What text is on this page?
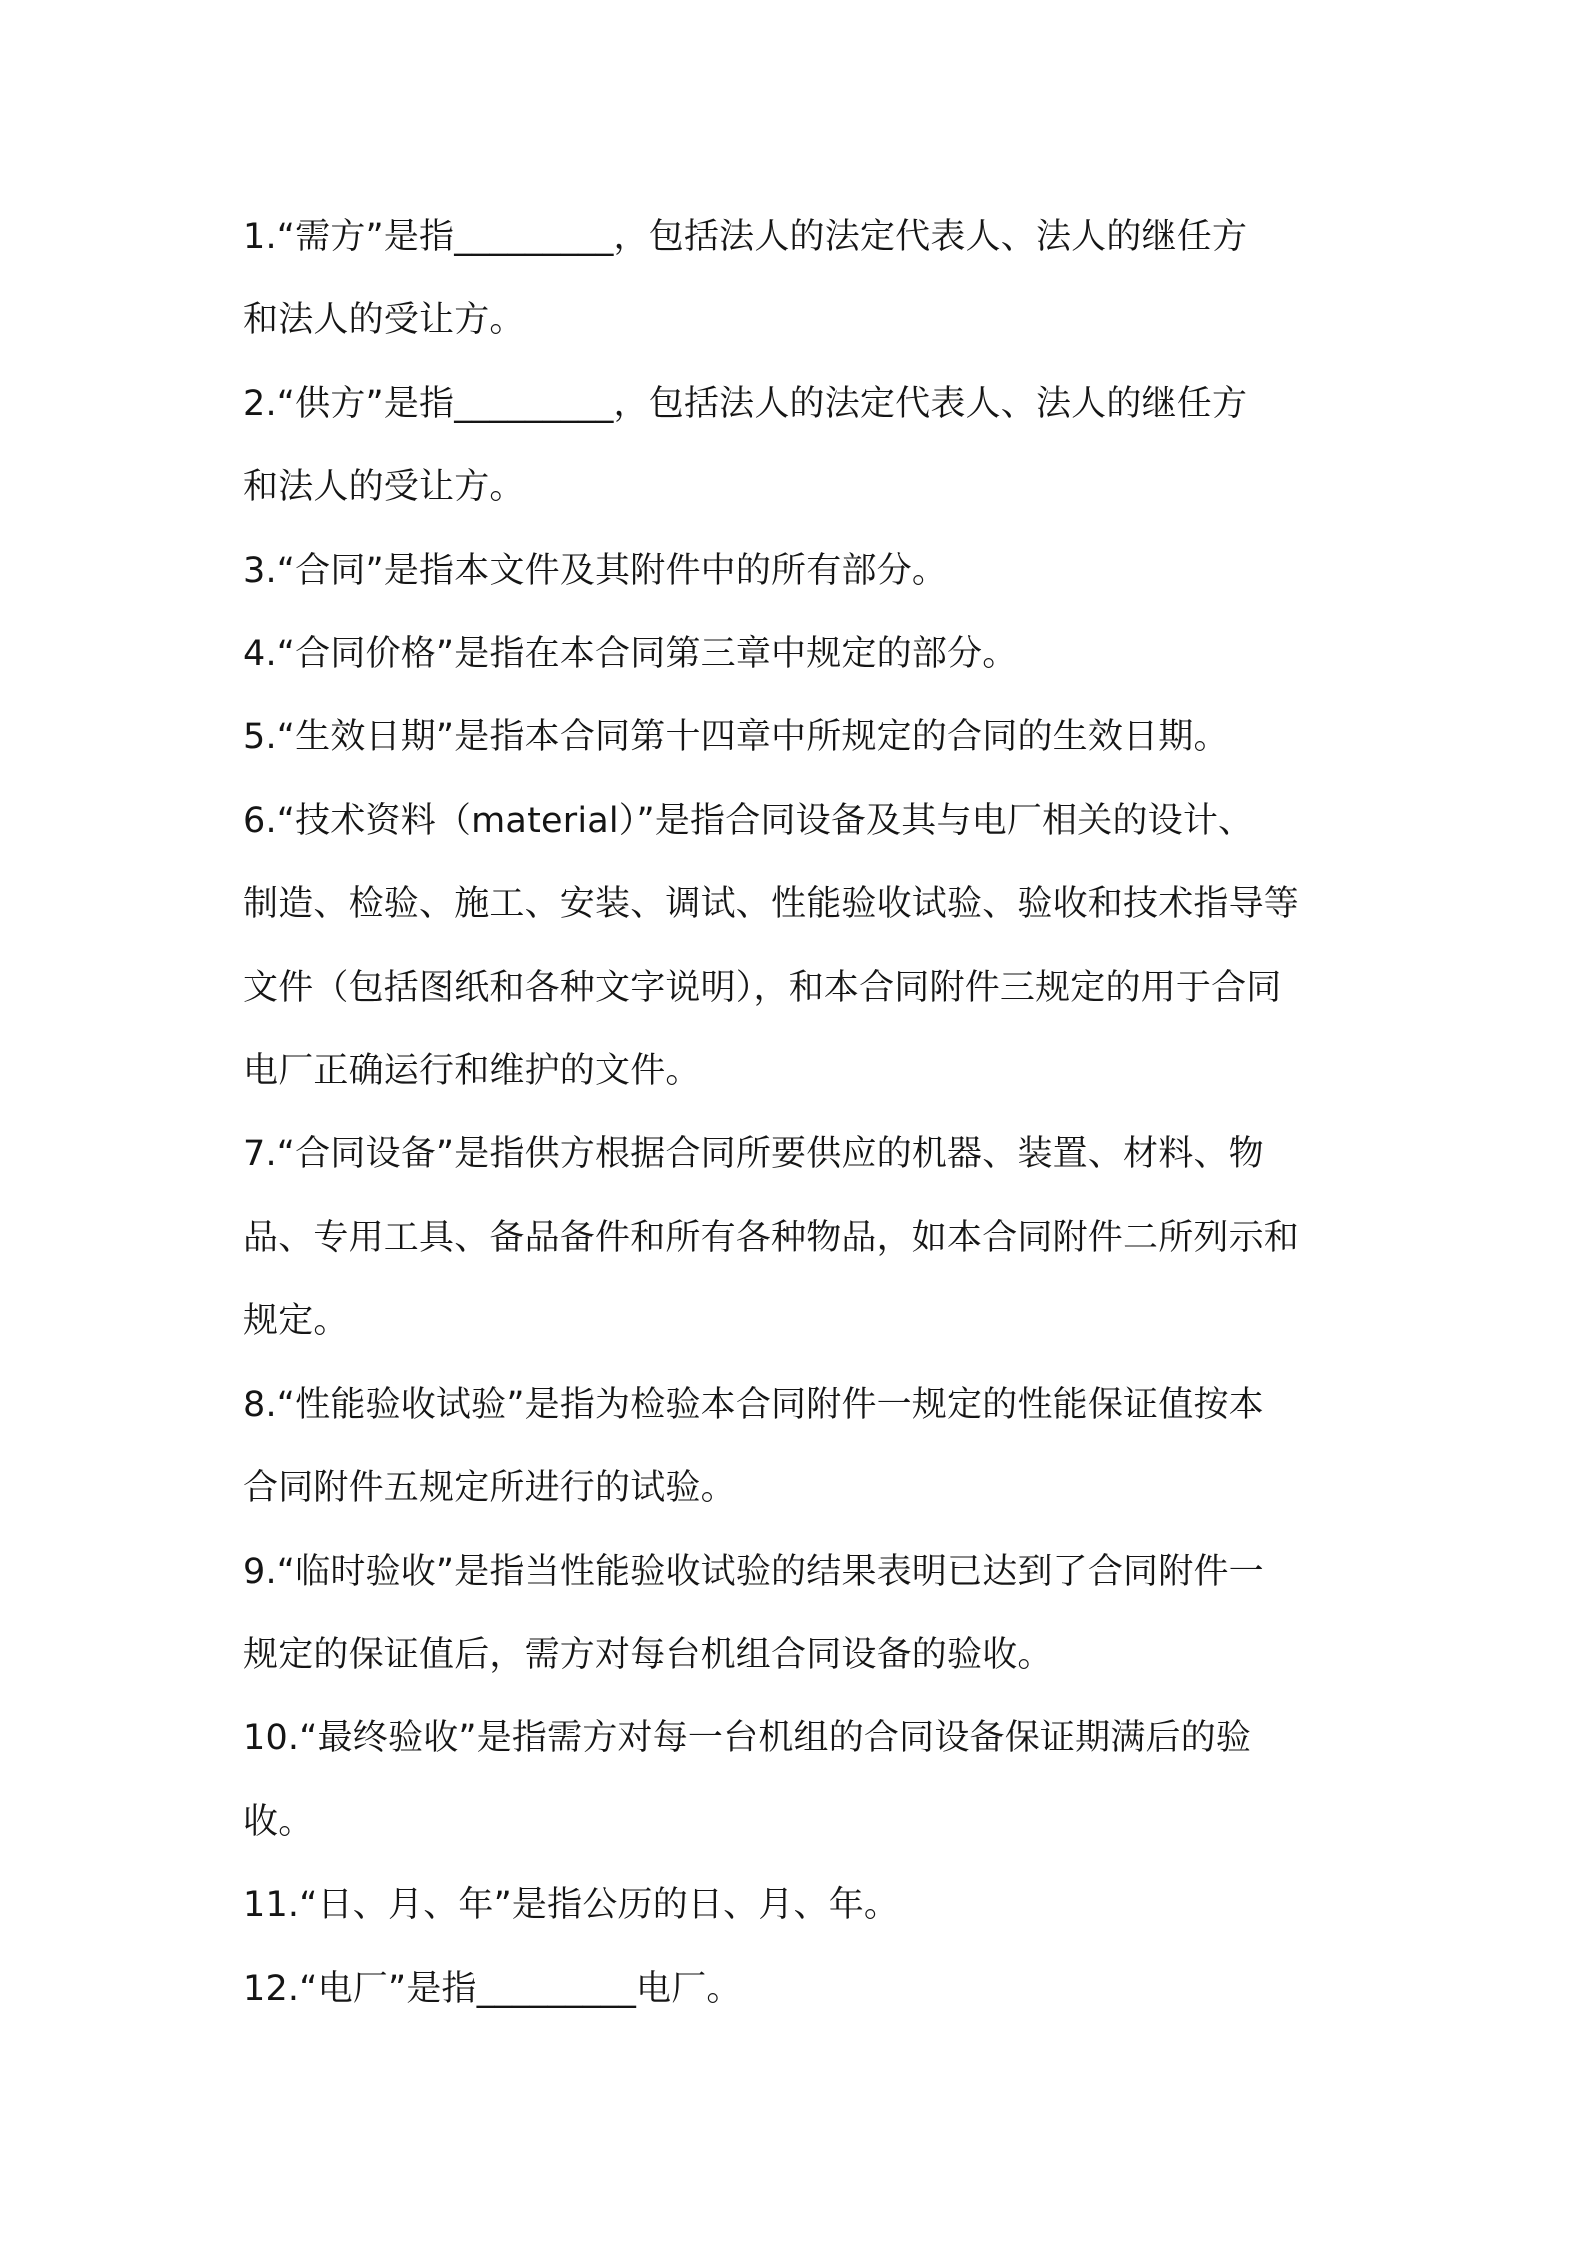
1.“需方”是指_________，包括法人的法定代表人、法人的继任方
和法人的受让方。

2.“供方”是指_________，包括法人的法定代表人、法人的继任方
和法人的受让方。

3.“合同”是指本文件及其附件中的所有部分。

4.“合同价格”是指在本合同第三章中规定的部分。

5.“生效日期”是指本合同第十四章中所规定的合同的生效日期。

6.“技术资料（material）”是指合同设备及其与电厂相关的设计、
制造、检验、施工、安装、调试、性能验收试验、验收和技术指导等
文件（包括图纸和各种文字说明），和本合同附件三规定的用于合同
电厂正确运行和维护的文件。

7.“合同设备”是指供方根据合同所要供应的机器、装置、材料、物
品、专用工具、备品备件和所有各种物品，如本合同附件二所列示和
规定。

8.“性能验收试验”是指为检验本合同附件一规定的性能保证值按本
合同附件五规定所进行的试验。

9.“临时验收”是指当性能验收试验的结果表明已达到了合同附件一
规定的保证值后，需方对每台机组合同设备的验收。

10.“最终验收”是指需方对每一台机组的合同设备保证期满后的验
收。

11.“日、月、年”是指公历的日、月、年。

12.“电厂”是指_________电厂。
